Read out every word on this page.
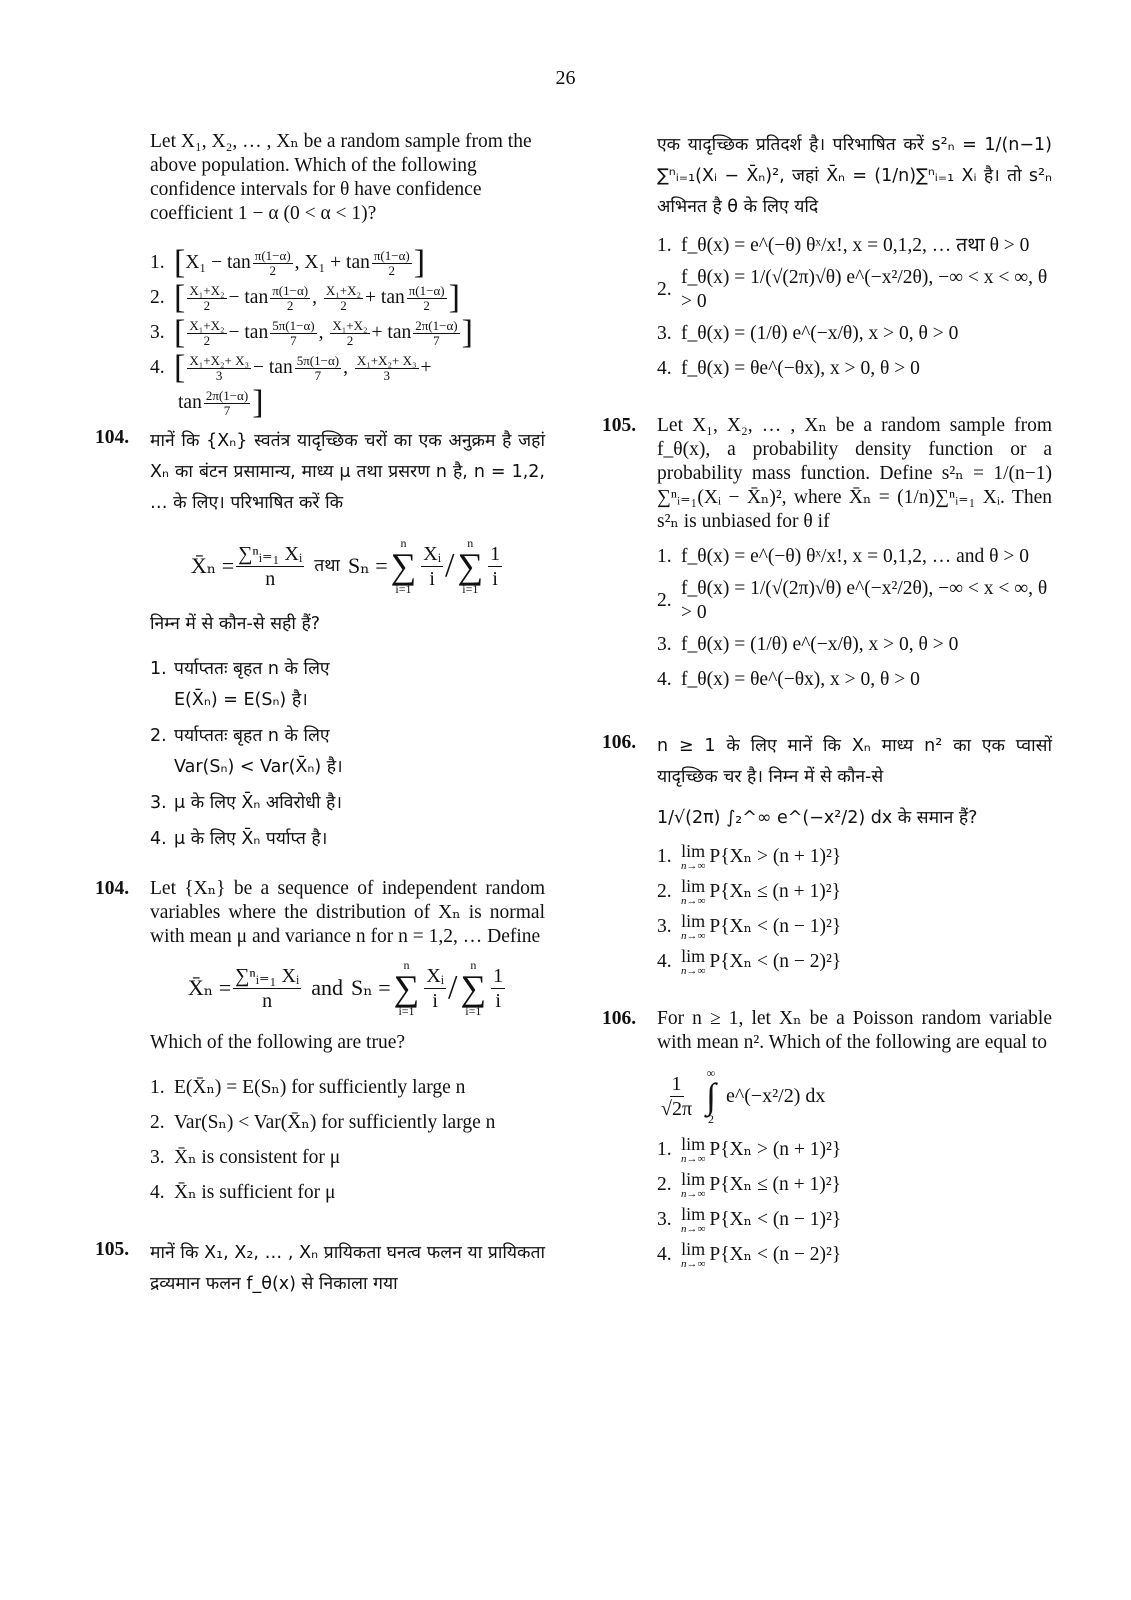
26
Let X₁, X₂, … , Xₙ be a random sample from the above population. Which of the following confidence intervals for θ have confidence coefficient 1 − α (0 < α < 1)?
1. [ $X_1 - \tan \frac{\pi(1-\alpha)}{2}$ , $X_1 + \tan \frac{\pi(1-\alpha)}{2}$ ]
2. [ $\frac{\text{X₁+X₂}}{2} - \tan \frac{\pi(1-\alpha)}{2}$ , $\frac{\text{X₁+X₂}}{2} + \tan \frac{\pi(1-\alpha)}{2}$ ]
3. [ $\frac{\text{X₁+X₂}}{2} - \tan \frac{5\pi(1-\alpha)}{7}$ , $\frac{\text{X₁+X₂}}{2} + \tan \frac{2\pi(1-\alpha)}{7}$ ]
4. [ $\frac{\text{X₁+X₂+ X₃}}{3} - \tan \frac{5\pi(1-\alpha)}{7}$ , $\frac{\text{X₁+X₂+ X₃}}{3}$ +
$\tan \frac{2\pi(1-\alpha)}{7}$ ]
104. मानें कि {Xₙ} स्वतंत्र यादृच्छिक चरों का एक अनुक्रम है जहां Xₙ का बंटन प्रसामान्य, माध्य μ तथा प्रसरण n है, n = 1,2, … के लिए। परिभाषित करें कि
X̄ₙ = $\frac{\text{∑ⁿᵢ₌₁ Xᵢ}}{n}$ तथा Sₙ =
n
∑
$i=1 \frac{\text{Xᵢ}}{i}$ /
n
∑
$i=1 \frac{1}{i}$
निम्न में से कौन-से सही हैं?
1. पर्याप्ततः बृहत n के लिए
E(X̄ₙ) = E(Sₙ) है।
2. पर्याप्ततः बृहत n के लिए
Var(Sₙ) < Var(X̄ₙ) है।
3. μ के लिए X̄ₙ अविरोधी है।
4. μ के लिए X̄ₙ पर्याप्त है।
104. Let {Xₙ} be a sequence of independent random variables where the distribution of Xₙ is normal with mean μ and variance n for n = 1,2, … Define
X̄ₙ = $\frac{\text{∑ⁿᵢ₌₁ Xᵢ}}{n}$ and Sₙ =
n
∑
$i=1 \frac{\text{Xᵢ}}{i}$ /
n
∑
$i=1 \frac{1}{i}$
Which of the following are true?
1. E(X̄ₙ) = E(Sₙ) for sufficiently large n
2. Var(Sₙ) < Var(X̄ₙ) for sufficiently large n
3. X̄ₙ is consistent for μ
4. X̄ₙ is sufficient for μ
105. मानें कि X₁, X₂, … , Xₙ प्रायिकता घनत्व फलन या प्रायिकता द्रव्यमान फलन f_θ(x) से निकाला गया
एक यादृच्छिक प्रतिदर्श है। परिभाषित करें s²ₙ = 1/(n−1) ∑ⁿᵢ₌₁(Xᵢ − X̄ₙ)², जहां X̄ₙ = (1/n)∑ⁿᵢ₌₁ Xᵢ है। तो s²ₙ अभिनत है θ के लिए यदि
1. f_θ(x) = e^(−θ) θˣ/x!, x = 0,1,2, … तथा θ > 0
2.
f_θ(x) = 1/(√(2π)√θ) e^(−x²/2θ), −∞ < x < ∞, θ > 0
3. f_θ(x) = (1/θ) e^(−x/θ), x > 0, θ > 0
4. f_θ(x) = θe^(−θx), x > 0, θ > 0
105. Let X₁, X₂, … , Xₙ be a random sample from f_θ(x), a probability density function or a probability mass function. Define s²ₙ = 1/(n−1) ∑ⁿᵢ₌₁(Xᵢ − X̄ₙ)², where X̄ₙ = (1/n)∑ⁿᵢ₌₁ Xᵢ. Then s²ₙ is unbiased for θ if
1. f_θ(x) = e^(−θ) θˣ/x!, x = 0,1,2, … and θ > 0
2.
f_θ(x) = 1/(√(2π)√θ) e^(−x²/2θ), −∞ < x < ∞, θ > 0
3. f_θ(x) = (1/θ) e^(−x/θ), x > 0, θ > 0
4. f_θ(x) = θe^(−θx), x > 0, θ > 0
106. n ≥ 1 के लिए मानें कि Xₙ माध्य n² का एक प्वासों यादृच्छिक चर है। निम्न में से कौन-से
1/√(2π) ∫₂^∞ e^(−x²/2) dx के समान हैं?
1. lim
n→∞ P{Xₙ > (n + 1)²}
2. lim
n→∞ P{Xₙ ≤ (n + 1)²}
3. lim
n→∞ P{Xₙ < (n − 1)²}
4. lim
n→∞ P{Xₙ < (n − 2)²}
106. For n ≥ 1, let Xₙ be a Poisson random variable with mean n². Which of the following are equal to
$\frac{1}{√2\pi}$ ∞
∫
2
e^(−x²/2) dx
1. lim
n→∞ P{Xₙ > (n + 1)²}
2. lim
n→∞ P{Xₙ ≤ (n + 1)²}
3. lim
n→∞ P{Xₙ < (n − 1)²}
4. lim
n→∞ P{Xₙ < (n − 2)²}
